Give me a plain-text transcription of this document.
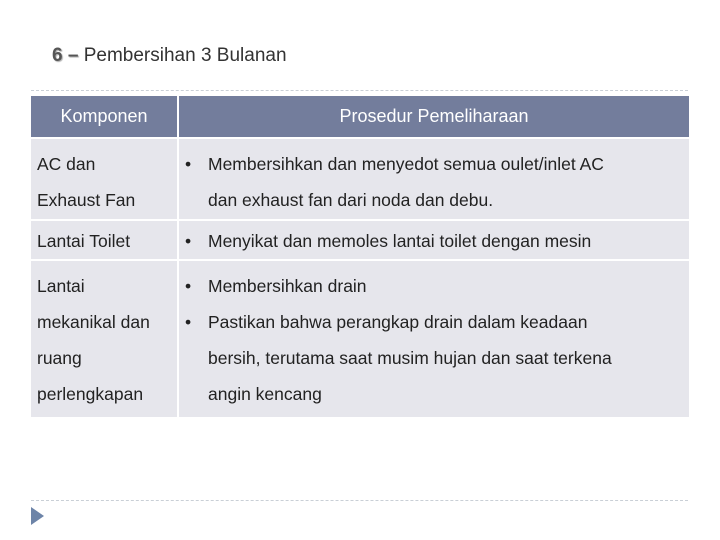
6 – Pembersihan 3 Bulanan
Komponen	Prosedur Pemeliharaan

AC dan
Exhaust Fan	• Membersihkan dan menyedot semua oulet/inlet AC
dan exhaust fan dari noda dan debu.

Lantai Toilet	• Menyikat dan memoles lantai toilet dengan mesin

Lantai
mekanikal dan
ruang
perlengkapan	• Membersihkan drain
• Pastikan bahwa perangkap drain dalam keadaan
bersih, terutama saat musim hujan dan saat terkena
angin kencang
